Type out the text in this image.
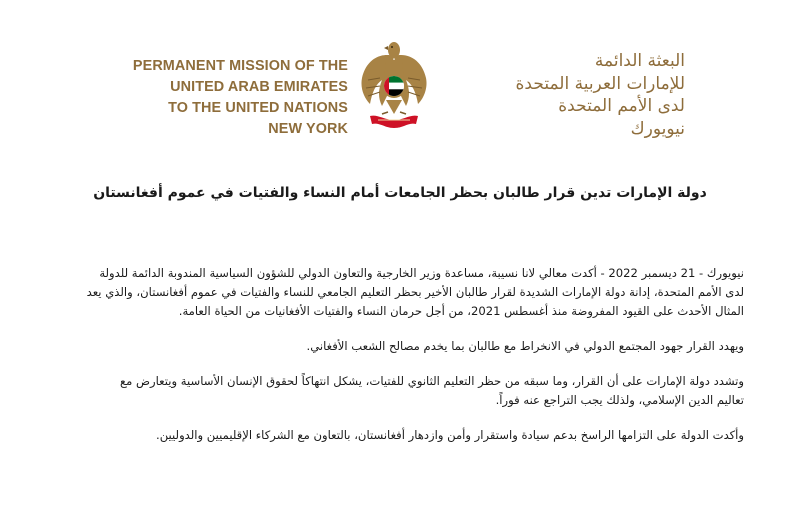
PERMANENT MISSION OF THE
UNITED ARAB EMIRATES
TO THE UNITED NATIONS
NEW YORK
البعثة الدائمة
للإمارات العربية المتحدة
لدى الأمم المتحدة
نيويورك
دولة الإمارات تدين قرار طالبان بحظر الجامعات أمام النساء والفتيات في عموم أفغانستان
نيويورك - 21 ديسمبر 2022 - أكدت معالي لانا نسيبة، مساعدة وزير الخارجية والتعاون الدولي للشؤون السياسية المندوبة الدائمة للدولة
لدى الأمم المتحدة، إدانة دولة الإمارات الشديدة لقرار طالبان الأخير بحظر التعليم الجامعي للنساء والفتيات في عموم أفغانستان، والذي يعد
المثال الأحدث على القيود المفروضة منذ أغسطس 2021، من أجل حرمان النساء والفتيات الأفغانيات من الحياة العامة.
ويهدد القرار جهود المجتمع الدولي في الانخراط مع طالبان بما يخدم مصالح الشعب الأفغاني.
وتشدد دولة الإمارات على أن القرار، وما سبقه من حظر التعليم الثانوي للفتيات، يشكل انتهاكاً لحقوق الإنسان الأساسية ويتعارض مع
تعاليم الدين الإسلامي، ولذلك يجب التراجع عنه فوراً.
وأكدت الدولة على التزامها الراسخ بدعم سيادة واستقرار وأمن وازدهار أفغانستان، بالتعاون مع الشركاء الإقليميين والدوليين.
